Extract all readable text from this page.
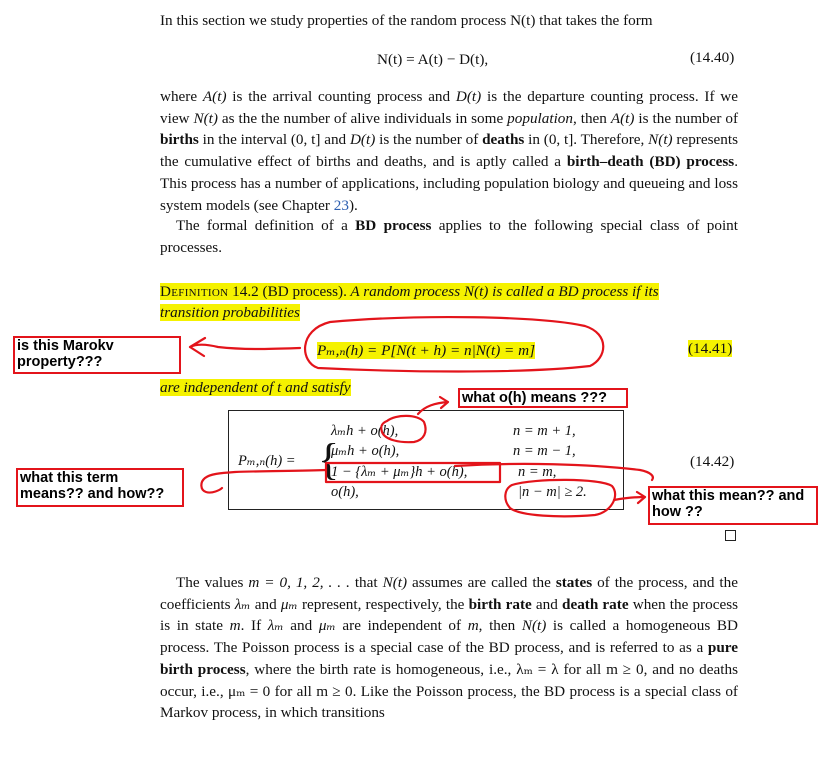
In this section we study properties of the random process N(t) that takes the form
N(t) = A(t) − D(t),	(14.40)
where A(t) is the arrival counting process and D(t) is the departure counting process. If we view N(t) as the the number of alive individuals in some population, then A(t) is the number of births in the interval (0, t] and D(t) is the number of deaths in (0, t]. Therefore, N(t) represents the cumulative effect of births and deaths, and is aptly called a birth–death (BD) process. This process has a number of applications, including population biology and queueing and loss system models (see Chapter 23).
The formal definition of a BD process applies to the following special class of point processes.
Definition 14.2 (BD process). A random process N(t) is called a BD process if its
transition probabilities
Pₘ,ₙ(h) = P[N(t + h) = n|N(t) = m]	(14.41)
are independent of t and satisfy
Pₘ,ₙ(h) = {
λₘh + o(h),	n = m + 1,
μₘh + o(h),	n = m − 1,
1 − {λₘ + μₘ}h + o(h),	n = m,
o(h),	|n − m| ≥ 2.
(14.42)
The values m = 0, 1, 2, . . . that N(t) assumes are called the states of the process, and the coefficients λₘ and μₘ represent, respectively, the birth rate and death rate when the process is in state m. If λₘ and μₘ are independent of m, then N(t) is called a homogeneous BD process. The Poisson process is a special case of the BD process, and is referred to as a pure birth process, where the birth rate is homogeneous, i.e., λₘ = λ for all m ≥ 0, and no deaths occur, i.e., μₘ = 0 for all m ≥ 0. Like the Poisson process, the BD process is a special class of Markov process, in which transitions
is this Marokv property???
what o(h) means ???
what this term means?? and how??	what this mean?? and how ??
